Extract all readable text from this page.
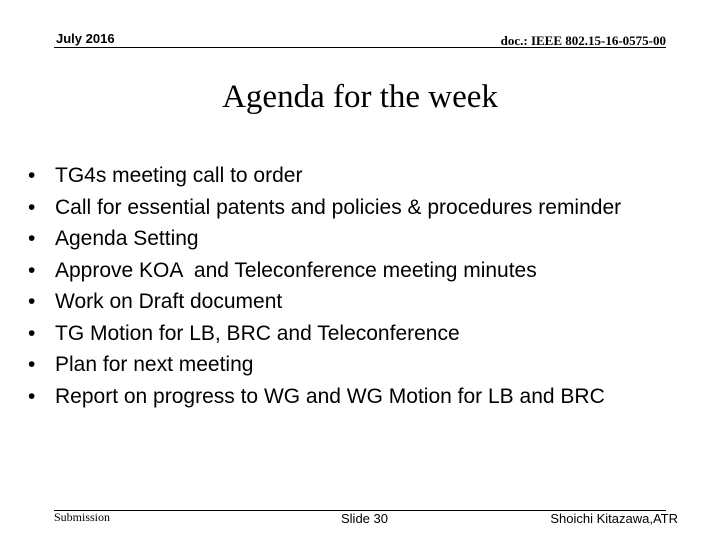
July 2016	doc.: IEEE 802.15-16-0575-00
Agenda for the week
• TG4s meeting call to order
• Call for essential patents and policies & procedures reminder
• Agenda Setting
• Approve KOA  and Teleconference meeting minutes
• Work on Draft document
• TG Motion for LB, BRC and Teleconference
• Plan for next meeting
• Report on progress to WG and WG Motion for LB and BRC
Submission	Slide 30	Shoichi Kitazawa,ATR
